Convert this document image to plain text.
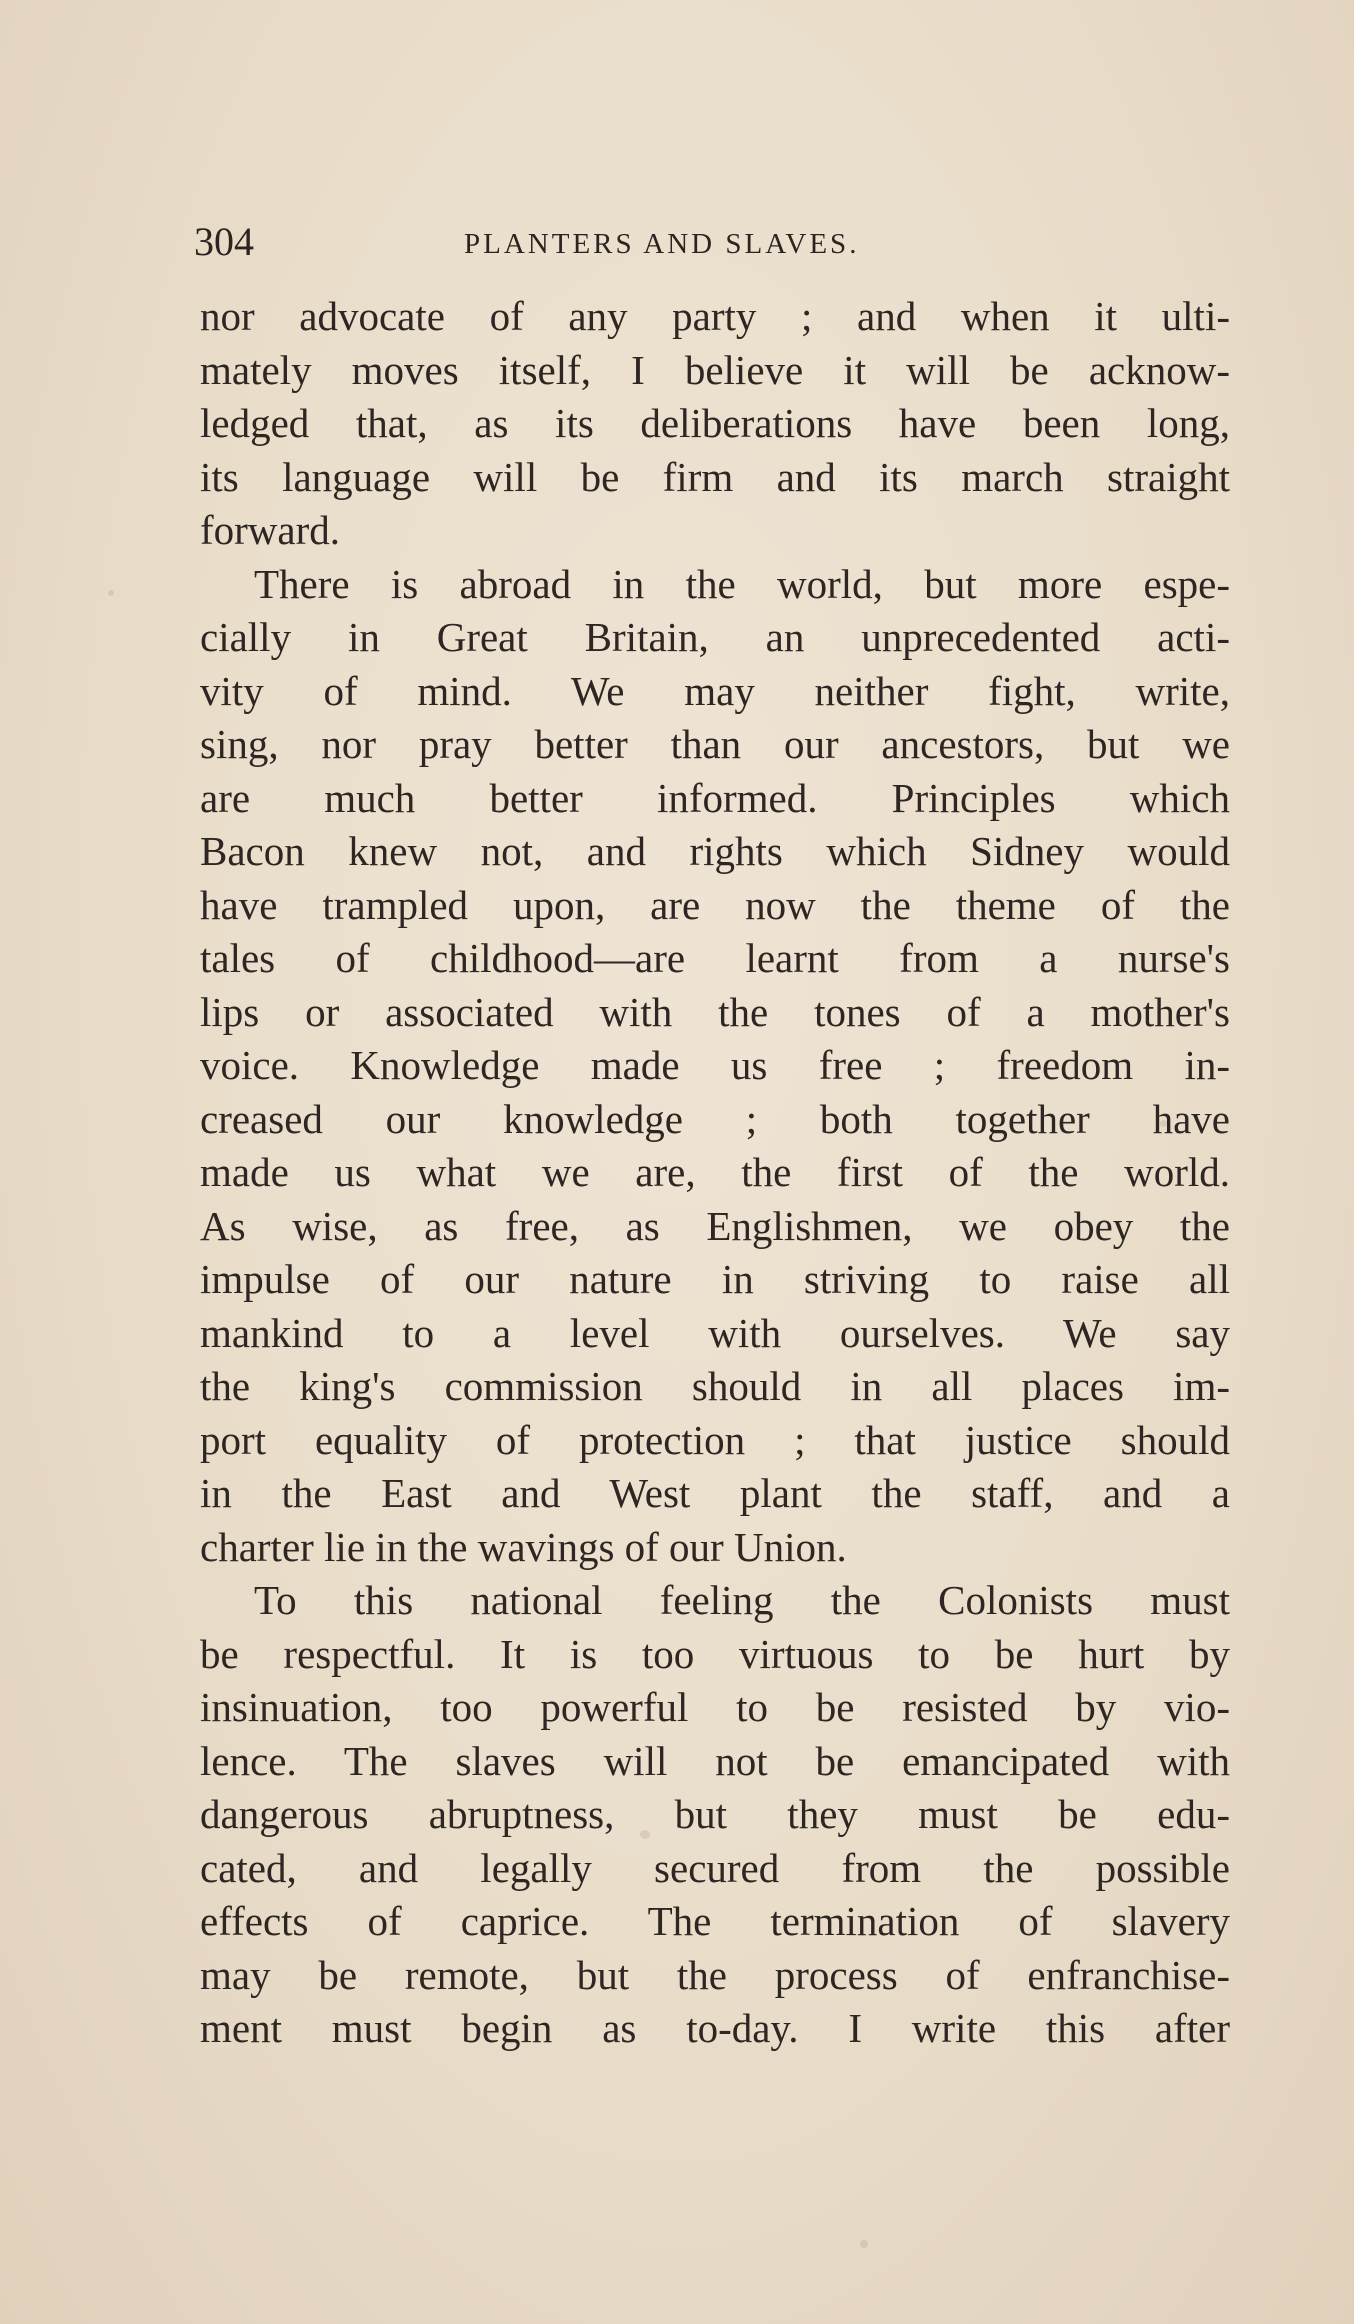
304	PLANTERS AND SLAVES.
nor advocate of any party ; and when it ulti-
mately moves itself, I believe it will be acknow-
ledged that, as its deliberations have been long,
its language will be firm and its march straight
forward.
There is abroad in the world, but more espe-
cially in Great Britain, an unprecedented acti-
vity of mind. We may neither fight, write,
sing, nor pray better than our ancestors, but we
are much better informed. Principles which
Bacon knew not, and rights which Sidney would
have trampled upon, are now the theme of the
tales of childhood—are learnt from a nurse's
lips or associated with the tones of a mother's
voice. Knowledge made us free ; freedom in-
creased our knowledge ; both together have
made us what we are, the first of the world.
As wise, as free, as Englishmen, we obey the
impulse of our nature in striving to raise all
mankind to a level with ourselves. We say
the king's commission should in all places im-
port equality of protection ; that justice should
in the East and West plant the staff, and a
charter lie in the wavings of our Union.
To this national feeling the Colonists must
be respectful. It is too virtuous to be hurt by
insinuation, too powerful to be resisted by vio-
lence. The slaves will not be emancipated with
dangerous abruptness, but they must be edu-
cated, and legally secured from the possible
effects of caprice. The termination of slavery
may be remote, but the process of enfranchise-
ment must begin as to-day. I write this after
